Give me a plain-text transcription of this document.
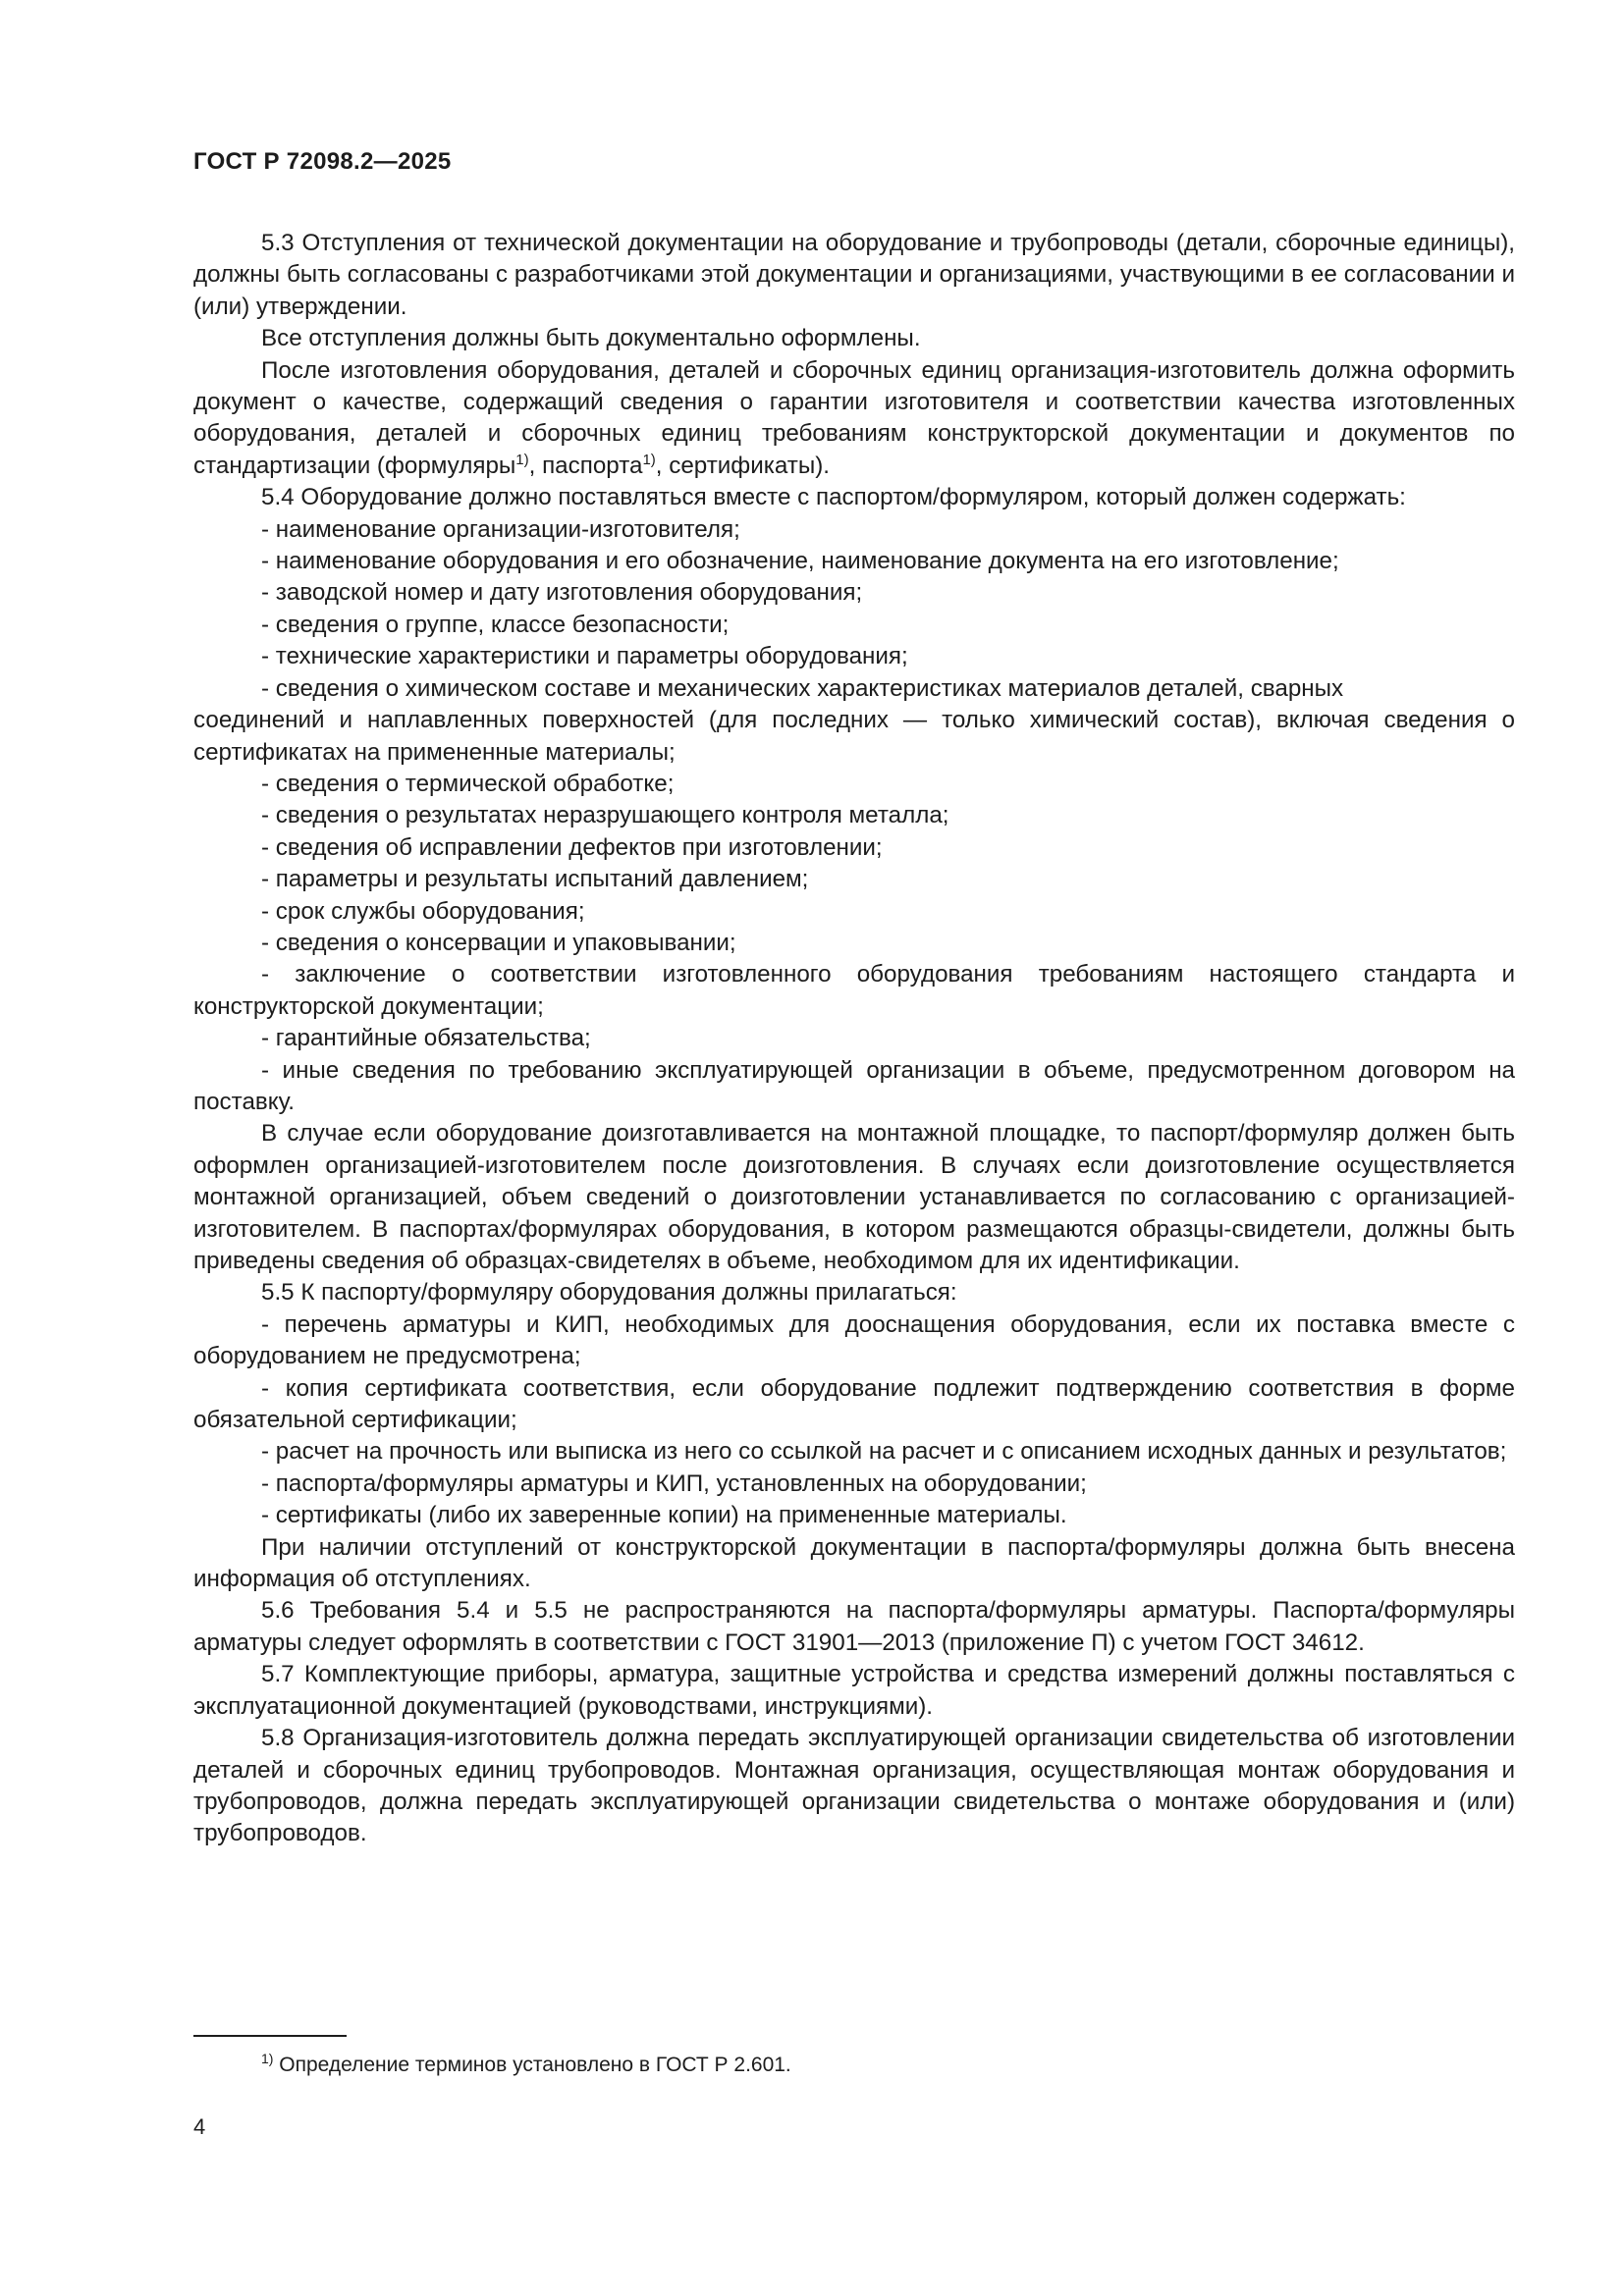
ГОСТ Р 72098.2—2025

5.3 Отступления от технической документации на оборудование и трубопроводы (детали, сборочные единицы), должны быть согласованы с разработчиками этой документации и организациями, участвующими в ее согласовании и (или) утверждении.

Все отступления должны быть документально оформлены.

После изготовления оборудования, деталей и сборочных единиц организация-изготовитель должна оформить документ о качестве, содержащий сведения о гарантии изготовителя и соответствии качества изготовленных оборудования, деталей и сборочных единиц требованиям конструкторской документации и документов по стандартизации (формуляры$^{1)}$, паспорта$^{1)}$, сертификаты).

5.4 Оборудование должно поставляться вместе с паспортом/формуляром, который должен содержать:

- наименование организации-изготовителя;

- наименование оборудования и его обозначение, наименование документа на его изготовление;

- заводской номер и дату изготовления оборудования;

- сведения о группе, классе безопасности;

- технические характеристики и параметры оборудования;

- сведения о химическом составе и механических характеристиках материалов деталей, сварных

соединений и наплавленных поверхностей (для последних — только химический состав), включая сведения о сертификатах на примененные материалы;

- сведения о термической обработке;

- сведения о результатах неразрушающего контроля металла;

- сведения об исправлении дефектов при изготовлении;

- параметры и результаты испытаний давлением;

- срок службы оборудования;

- сведения о консервации и упаковывании;

- заключение о соответствии изготовленного оборудования требованиям настоящего стандарта и конструкторской документации;

- гарантийные обязательства;

- иные сведения по требованию эксплуатирующей организации в объеме, предусмотренном договором на поставку.

В случае если оборудование доизготавливается на монтажной площадке, то паспорт/формуляр должен быть оформлен организацией-изготовителем после доизготовления. В случаях если доизготовление осуществляется монтажной организацией, объем сведений о доизготовлении устанавливается по согласованию с организацией-изготовителем. В паспортах/формулярах оборудования, в котором размещаются образцы-свидетели, должны быть приведены сведения об образцах-свидетелях в объеме, необходимом для их идентификации.

5.5 К паспорту/формуляру оборудования должны прилагаться:

- перечень арматуры и КИП, необходимых для дооснащения оборудования, если их поставка вместе с оборудованием не предусмотрена;

- копия сертификата соответствия, если оборудование подлежит подтверждению соответствия в форме обязательной сертификации;

- расчет на прочность или выписка из него со ссылкой на расчет и с описанием исходных данных и результатов;

- паспорта/формуляры арматуры и КИП, установленных на оборудовании;

- сертификаты (либо их заверенные копии) на примененные материалы.

При наличии отступлений от конструкторской документации в паспорта/формуляры должна быть внесена информация об отступлениях.

5.6 Требования 5.4 и 5.5 не распространяются на паспорта/формуляры арматуры. Паспорта/формуляры арматуры следует оформлять в соответствии с ГОСТ 31901—2013 (приложение П) с учетом ГОСТ 34612.

5.7 Комплектующие приборы, арматура, защитные устройства и средства измерений должны поставляться с эксплуатационной документацией (руководствами, инструкциями).

5.8 Организация-изготовитель должна передать эксплуатирующей организации свидетельства об изготовлении деталей и сборочных единиц трубопроводов. Монтажная организация, осуществляющая монтаж оборудования и трубопроводов, должна передать эксплуатирующей организации свидетельства о монтаже оборудования и (или) трубопроводов.

$^{1)}$ Определение терминов установлено в ГОСТ Р 2.601.
4
